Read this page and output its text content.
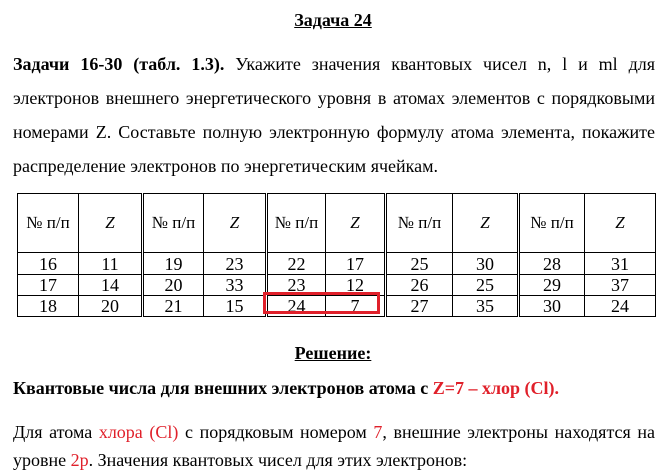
Задача 24
Задачи 16-30 (табл. 1.3). Укажите значения квантовых чисел n, l и ml для электронов внешнего энергетического уровня в атомах элементов с порядковыми номерами Z. Составьте полную электронную формулу атома элемента, покажите распределение электронов по энергетическим ячейкам.
№ п/п	Z	№ п/п	Z	№ п/п	Z	№ п/п	Z	№ п/п	Z
16	11	19	23	22	17	25	30	28	31
17	14	20	33	23	12	26	25	29	37
18	20	21	15	24	7	27	35	30	24
Решение:
Квантовые числа для внешних электронов атома с Z=7 – хлор (Cl).
Для атома хлора (Cl) с порядковым номером 7, внешние электроны находятся на уровне 2p. Значения квантовых чисел для этих электронов:
